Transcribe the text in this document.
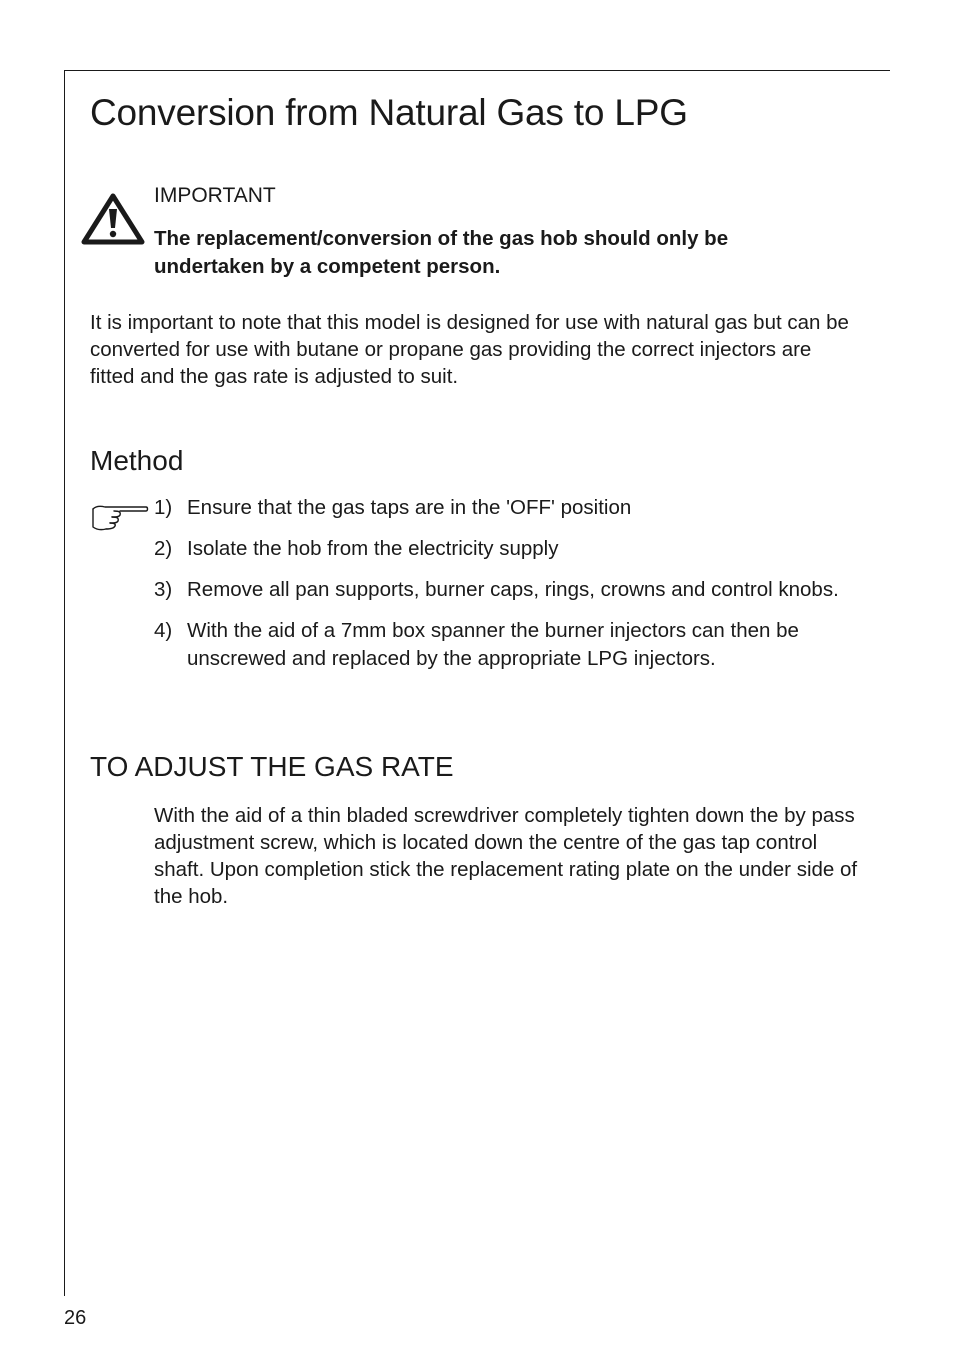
Conversion from Natural Gas to LPG
IMPORTANT
The replacement/conversion of the gas hob should only be undertaken by a competent person.

It is important to note that this model is designed for use with natural gas but can be converted for use with butane or propane gas providing the correct injectors are fitted and the gas rate is adjusted to suit.

Method
1) Ensure that the gas taps are in the 'OFF' position
2) Isolate the hob from the electricity supply
3) Remove all pan supports, burner caps, rings, crowns and control knobs.
4) With the aid of a 7mm box spanner the burner injectors can then be unscrewed and replaced by the appropriate LPG injectors.
TO ADJUST THE GAS RATE

With the aid of a thin bladed screwdriver completely tighten down the by pass adjustment screw, which is located down the centre of the gas tap control shaft. Upon completion stick the replacement rating plate on the under side of the hob.

26
